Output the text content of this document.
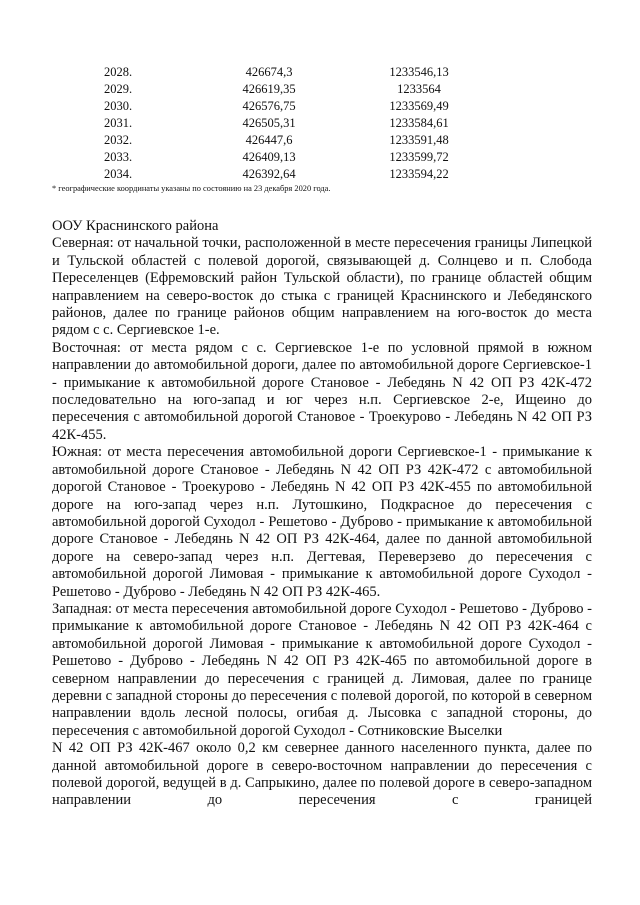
2028.	426674,3	1233546,13
2029.	426619,35	1233564
2030.	426576,75	1233569,49
2031.	426505,31	1233584,61
2032.	426447,6	1233591,48
2033.	426409,13	1233599,72
2034.	426392,64	1233594,22
* географические координаты указаны по состоянию на 23 декабря 2020 года.

ООУ Краснинского района

Северная: от начальной точки, расположенной в месте пересечения границы Липецкой и Тульской областей с полевой дорогой, связывающей д. Солнцево и п. Слобода Переселенцев (Ефремовский район Тульской области), по границе областей общим направлением на северо-восток до стыка с границей Краснинского и Лебедянского районов, далее по границе районов общим направлением на юго-восток до места рядом с с. Сергиевское 1-е.

Восточная: от места рядом с с. Сергиевское 1-е по условной прямой в южном направлении до автомобильной дороги, далее по автомобильной дороге Сергиевское-1 - примыкание к автомобильной дороге Становое - Лебедянь N 42 ОП РЗ 42К-472 последовательно на юго-запад и юг через н.п. Сергиевское 2-е, Ищеино до пересечения с автомобильной дорогой Становое - Троекурово - Лебедянь N 42 ОП РЗ 42К-455.

Южная: от места пересечения автомобильной дороги Сергиевское-1 - примыкание к автомобильной дороге Становое - Лебедянь N 42 ОП РЗ 42К-472 с автомобильной дорогой Становое - Троекурово - Лебедянь N 42 ОП РЗ 42К-455 по автомобильной дороге на юго-запад через н.п. Лутошкино, Подкрасное до пересечения с автомобильной дорогой Суходол - Решетово - Дуброво - примыкание к автомобильной дороге Становое - Лебедянь N 42 ОП РЗ 42К-464, далее по данной автомобильной дороге на северо-запад через н.п. Дегтевая, Переверзево до пересечения с автомобильной дорогой Лимовая - примыкание к автомобильной дороге Суходол - Решетово - Дуброво - Лебедянь N 42 ОП РЗ 42К-465.

Западная: от места пересечения автомобильной дороге Суходол - Решетово - Дуброво - примыкание к автомобильной дороге Становое - Лебедянь N 42 ОП РЗ 42К-464 с автомобильной дорогой Лимовая - примыкание к автомобильной дороге Суходол - Решетово - Дуброво - Лебедянь N 42 ОП РЗ 42К-465 по автомобильной дороге в северном направлении до пересечения с границей д. Лимовая, далее по границе деревни с западной стороны до пересечения с полевой дорогой, по которой в северном направлении вдоль лесной полосы, огибая д. Лысовка с западной стороны, до пересечения с автомобильной дорогой Суходол - Сотниковские Выселки

N 42 ОП РЗ 42К-467 около 0,2 км севернее данного населенного пункта, далее по данной автомобильной дороге в северо-восточном направлении до пересечения с полевой дорогой, ведущей в д. Сапрыкино, далее по полевой дороге в северо-западном направлении до пересечения с границей
